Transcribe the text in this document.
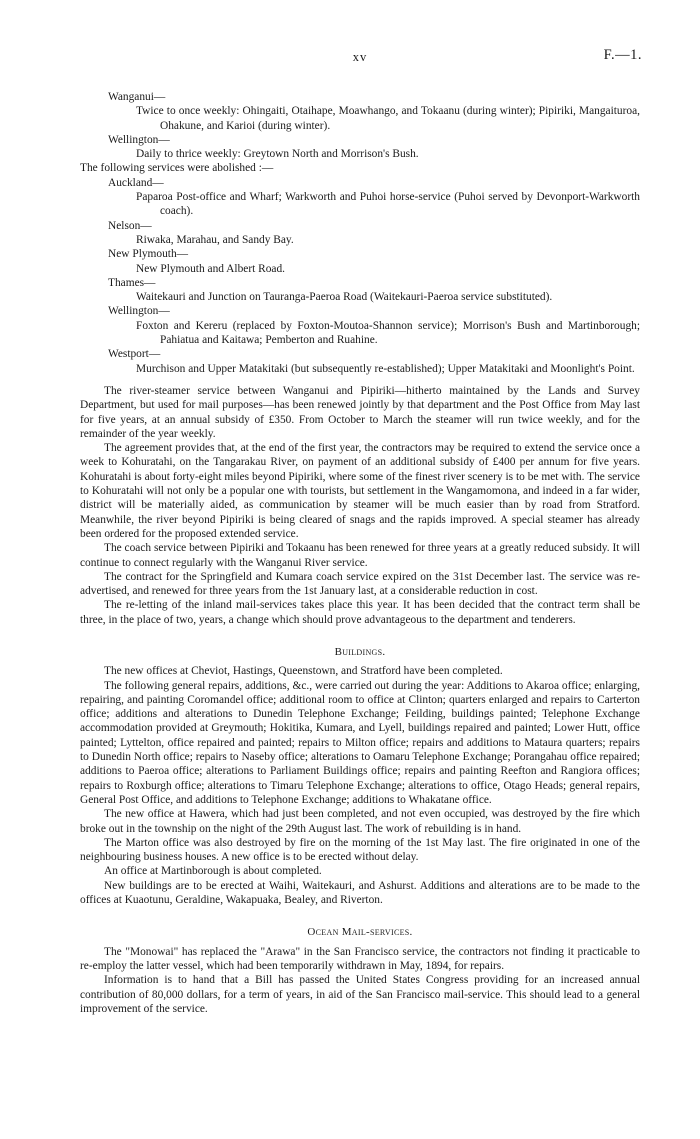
xv	F.—1.
Wanganui—
Twice to once weekly: Ohingaiti, Otaihape, Moawhango, and Tokaanu (during winter); Pipiriki, Mangaituroa, Ohakune, and Karioi (during winter).
Wellington—
Daily to thrice weekly: Greytown North and Morrison's Bush.
The following services were abolished :—
Auckland—
Paparoa Post-office and Wharf; Warkworth and Puhoi horse-service (Puhoi served by Devonport-Warkworth coach).
Nelson—
Riwaka, Marahau, and Sandy Bay.
New Plymouth—
New Plymouth and Albert Road.
Thames—
Waitekauri and Junction on Tauranga-Paeroa Road (Waitekauri-Paeroa service substituted).
Wellington—
Foxton and Kereru (replaced by Foxton-Moutoa-Shannon service); Morrison's Bush and Martinborough; Pahiatua and Kaitawa; Pemberton and Ruahine.
Westport—
Murchison and Upper Matakitaki (but subsequently re-established); Upper Matakitaki and Moonlight's Point.

The river-steamer service between Wanganui and Pipiriki—hitherto maintained by the Lands and Survey Department, but used for mail purposes—has been renewed jointly by that department and the Post Office from May last for five years, at an annual subsidy of £350. From October to March the steamer will run twice weekly, and for the remainder of the year weekly.

The agreement provides that, at the end of the first year, the contractors may be required to extend the service once a week to Kohuratahi, on the Tangarakau River, on payment of an additional subsidy of £400 per annum for five years. Kohuratahi is about forty-eight miles beyond Pipiriki, where some of the finest river scenery is to be met with. The service to Kohuratahi will not only be a popular one with tourists, but settlement in the Wangamomona, and indeed in a far wider, district will be materially aided, as communication by steamer will be much easier than by road from Stratford. Meanwhile, the river beyond Pipiriki is being cleared of snags and the rapids improved. A special steamer has already been ordered for the proposed extended service.

The coach service between Pipiriki and Tokaanu has been renewed for three years at a greatly reduced subsidy. It will continue to connect regularly with the Wanganui River service.

The contract for the Springfield and Kumara coach service expired on the 31st December last. The service was re-advertised, and renewed for three years from the 1st January last, at a considerable reduction in cost.

The re-letting of the inland mail-services takes place this year. It has been decided that the contract term shall be three, in the place of two, years, a change which should prove advantageous to the department and tenderers.

Buildings.

The new offices at Cheviot, Hastings, Queenstown, and Stratford have been completed.

The following general repairs, additions, &c., were carried out during the year: Additions to Akaroa office; enlarging, repairing, and painting Coromandel office; additional room to office at Clinton; quarters enlarged and repairs to Carterton office; additions and alterations to Dunedin Telephone Exchange; Feilding, buildings painted; Telephone Exchange accommodation provided at Greymouth; Hokitika, Kumara, and Lyell, buildings repaired and painted; Lower Hutt, office painted; Lyttelton, office repaired and painted; repairs to Milton office; repairs and additions to Mataura quarters; repairs to Dunedin North office; repairs to Naseby office; alterations to Oamaru Telephone Exchange; Porangahau office repaired; additions to Paeroa office; alterations to Parliament Buildings office; repairs and painting Reefton and Rangiora offices; repairs to Roxburgh office; alterations to Timaru Telephone Exchange; alterations to office, Otago Heads; general repairs, General Post Office, and additions to Telephone Exchange; additions to Whakatane office.

The new office at Hawera, which had just been completed, and not even occupied, was destroyed by the fire which broke out in the township on the night of the 29th August last. The work of rebuilding is in hand.

The Marton office was also destroyed by fire on the morning of the 1st May last. The fire originated in one of the neighbouring business houses. A new office is to be erected without delay.

An office at Martinborough is about completed.

New buildings are to be erected at Waihi, Waitekauri, and Ashurst. Additions and alterations are to be made to the offices at Kuaotunu, Geraldine, Wakapuaka, Bealey, and Riverton.

Ocean Mail-services.

The "Monowai" has replaced the "Arawa" in the San Francisco service, the contractors not finding it practicable to re-employ the latter vessel, which had been temporarily withdrawn in May, 1894, for repairs.

Information is to hand that a Bill has passed the United States Congress providing for an increased annual contribution of 80,000 dollars, for a term of years, in aid of the San Francisco mail-service. This should lead to a general improvement of the service.
